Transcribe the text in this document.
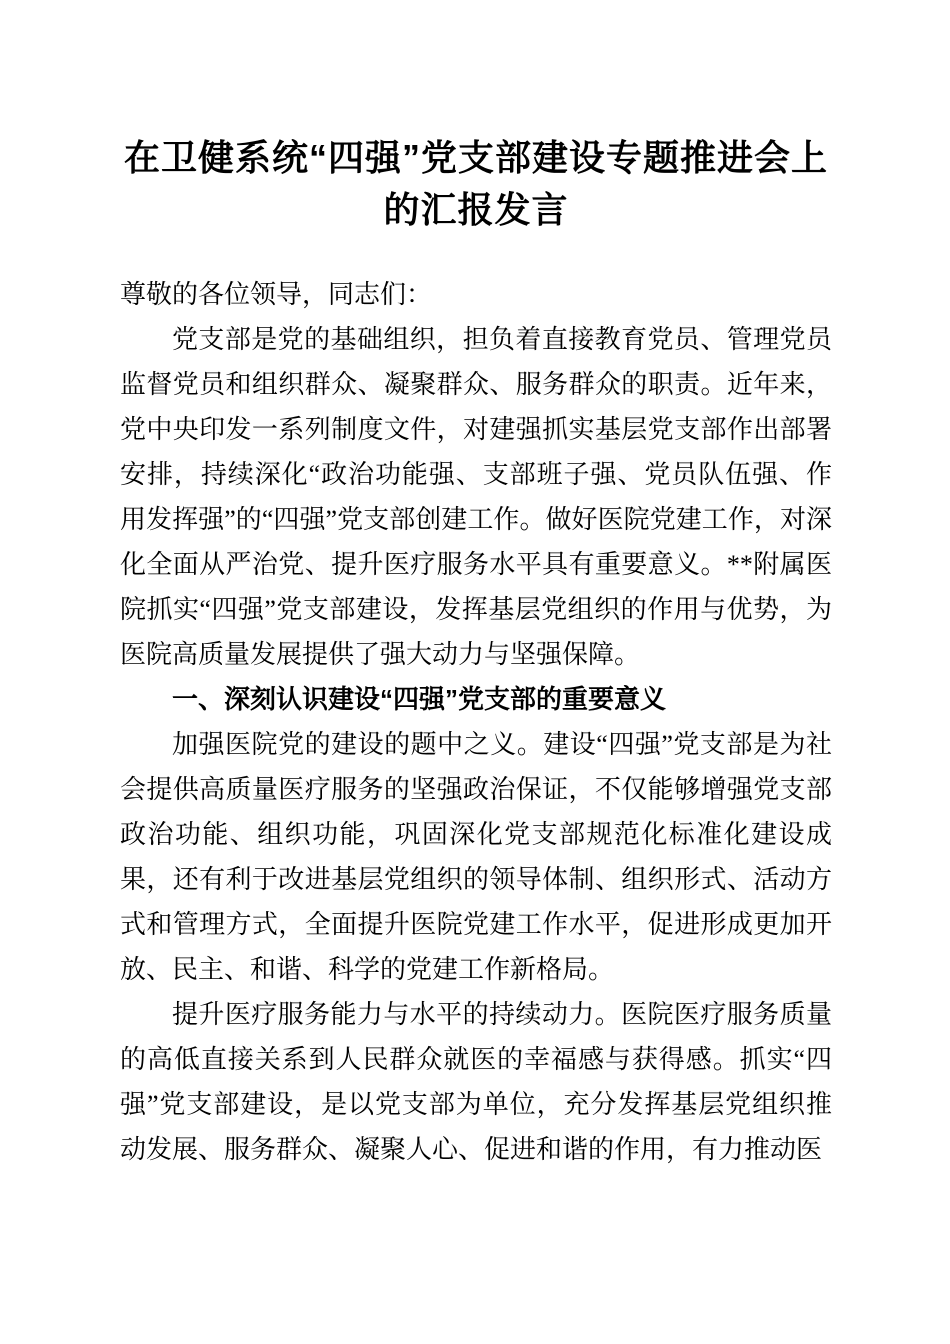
在卫健系统“四强”党支部建设专题推进会上的汇报发言

尊敬的各位领导，同志们：

党支部是党的基础组织，担负着直接教育党员、管理党员监督党员和组织群众、凝聚群众、服务群众的职责。近年来，党中央印发一系列制度文件，对建强抓实基层党支部作出部署安排，持续深化“政治功能强、支部班子强、党员队伍强、作用发挥强”的“四强”党支部创建工作。做好医院党建工作，对深化全面从严治党、提升医疗服务水平具有重要意义。**附属医院抓实“四强”党支部建设，发挥基层党组织的作用与优势，为医院高质量发展提供了强大动力与坚强保障。

一、深刻认识建设“四强”党支部的重要意义

加强医院党的建设的题中之义。建设“四强”党支部是为社会提供高质量医疗服务的坚强政治保证，不仅能够增强党支部政治功能、组织功能，巩固深化党支部规范化标准化建设成果，还有利于改进基层党组织的领导体制、组织形式、活动方式和管理方式，全面提升医院党建工作水平，促进形成更加开放、民主、和谐、科学的党建工作新格局。

提升医疗服务能力与水平的持续动力。医院医疗服务质量的高低直接关系到人民群众就医的幸福感与获得感。抓实“四强”党支部建设，是以党支部为单位，充分发挥基层党组织推动发展、服务群众、凝聚人心、促进和谐的作用，有力推动医
